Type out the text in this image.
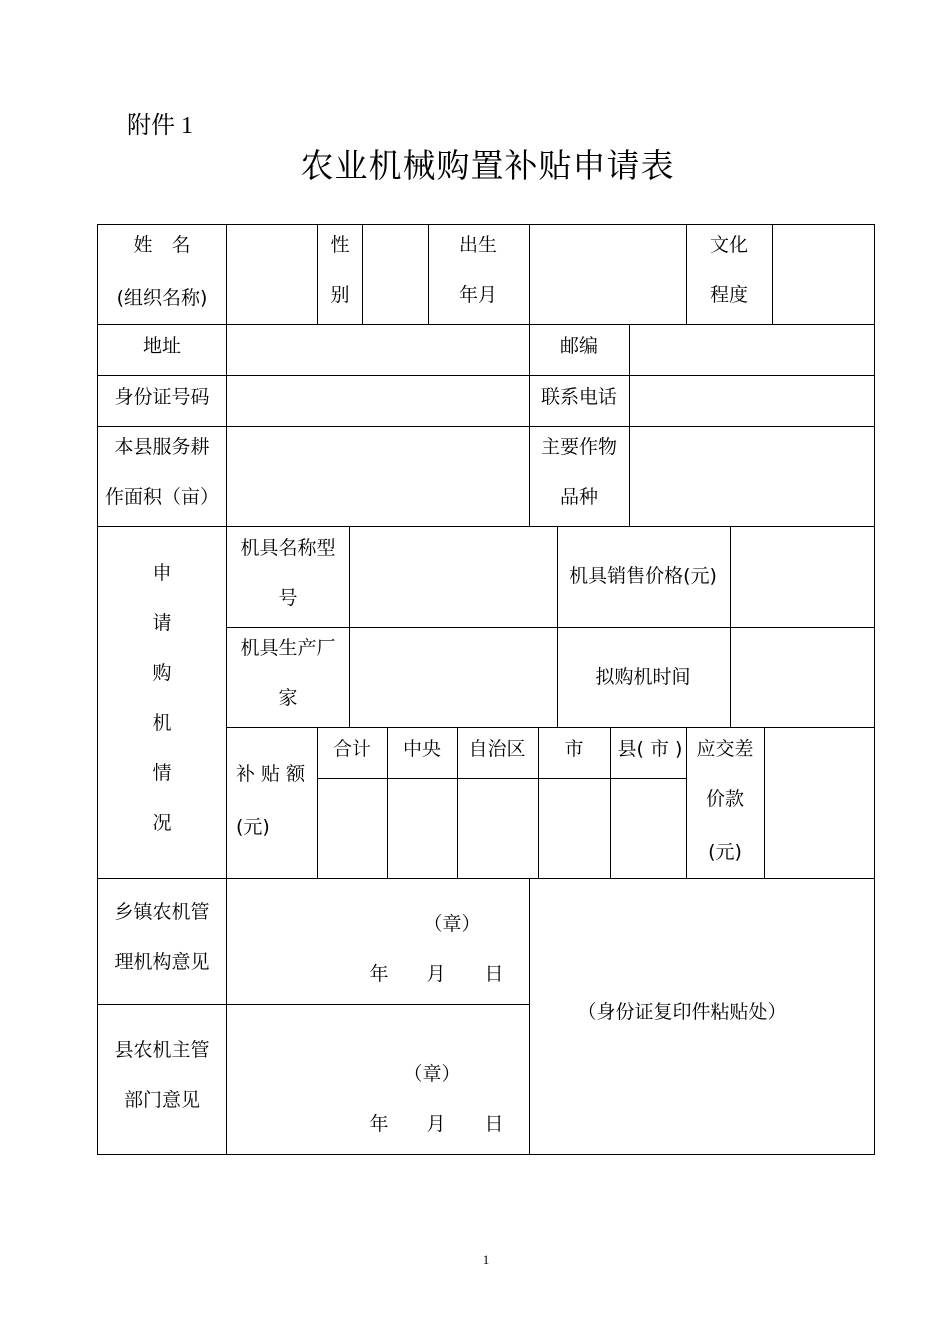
附件 1
农业机械购置补贴申请表
姓　名
(组织名称)
性
别
出生
年月
文化
程度
地址	邮编
身份证号码	联系电话
本县服务耕
作面积（亩）
主要作物
品种
申
请
购
机
情
况
机具名称型
号
机具销售价格(元)
机具生产厂
家
拟购机时间
补 贴 额
(元)
合计 中央 自治区 市 县( 市 ) 应交差
价款
(元)
乡镇农机管
理机构意见
（章）
年 月 日
县农机主管
部门意见
（章）
年 月 日
（身份证复印件粘贴处）
1
